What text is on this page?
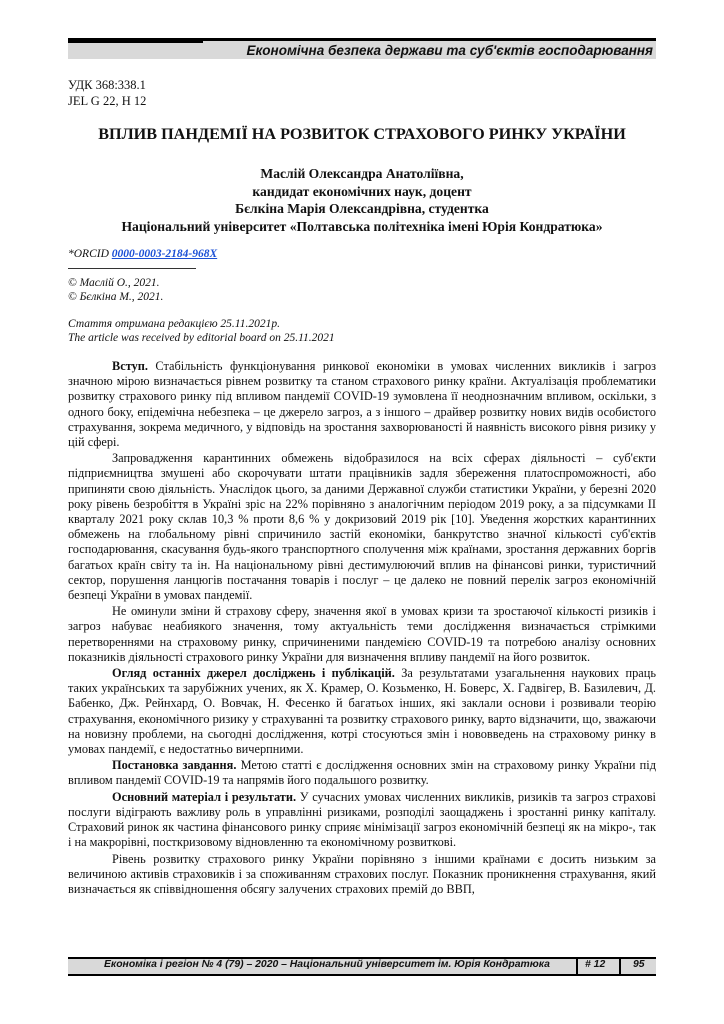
Економічна безпека держави та суб'єктів господарювання
УДК 368:338.1
JEL G 22, H 12
ВПЛИВ ПАНДЕМІЇ НА РОЗВИТОК СТРАХОВОГО РИНКУ УКРАЇНИ
Маслій Олександра Анатоліївна,
кандидат економічних наук, доцент
Бєлкіна Марія Олександрівна, студентка
Національний університет «Полтавська політехніка імені Юрія Кондратюка»
*ORCID 0000-0003-2184-968X
© Маслій О., 2021.
© Бєлкіна М., 2021.
Стаття отримана редакцією 25.11.2021р.
The article was received by editorial board on 25.11.2021

Вступ. Стабільність функціонування ринкової економіки в умовах численних викликів і загроз значною мірою визначається рівнем розвитку та станом страхового ринку країни. Актуалізація проблематики розвитку страхового ринку під впливом пандемії COVID-19 зумовлена її неоднозначним впливом, оскільки, з одного боку, епідемічна небезпека – це джерело загроз, а з іншого – драйвер розвитку нових видів особистого страхування, зокрема медичного, у відповідь на зростання захворюваності й наявність високого рівня ризику у цій сфері.

Запровадження карантинних обмежень відобразилося на всіх сферах діяльності – суб'єкти підприємництва змушені або скорочувати штати працівників задля збереження платоспроможності, або припиняти свою діяльність. Унаслідок цього, за даними Державної служби статистики України, у березні 2020 року рівень безробіття в Україні зріс на 22% порівняно з аналогічним періодом 2019 року, а за підсумками II кварталу 2021 року склав 10,3 % проти 8,6 % у докризовий 2019 рік [10]. Уведення жорстких карантинних обмежень на глобальному рівні спричинило застій економіки, банкрутство значної кількості суб'єктів господарювання, скасування будь-якого транспортного сполучення між країнами, зростання державних боргів багатьох країн світу та ін. На національному рівні дестимулюючий вплив на фінансові ринки, туристичний сектор, порушення ланцюгів постачання товарів і послуг – це далеко не повний перелік загроз економічній безпеці України в умовах пандемії.

Не оминули зміни й страхову сферу, значення якої в умовах кризи та зростаючої кількості ризиків і загроз набуває неабиякого значення, тому актуальність теми дослідження визначається стрімкими перетвореннями на страховому ринку, спричиненими пандемією COVID-19 та потребою аналізу основних показників діяльності страхового ринку України для визначення впливу пандемії на його розвиток.

Огляд останніх джерел досліджень і публікацій. За результатами узагальнення наукових праць таких українських та зарубіжних учених, як Х. Крамер, О. Козьменко, Н. Боверс, Х. Гадвігер, В. Базилевич, Д. Бабенко, Дж. Рейнхард, О. Вовчак, Н. Фесенко й багатьох інших, які заклали основи і розвивали теорію страхування, економічного ризику у страхуванні та розвитку страхового ринку, варто відзначити, що, зважаючи на новизну проблеми, на сьогодні дослідження, котрі стосуються змін і нововведень на страховому ринку в умовах пандемії, є недостатньо вичерпними.

Постановка завдання. Метою статті є дослідження основних змін на страховому ринку України під впливом пандемії COVID-19 та напрямів його подальшого розвитку.

Основний матеріал і результати. У сучасних умовах численних викликів, ризиків та загроз страхові послуги відіграють важливу роль в управлінні ризиками, розподілі заощаджень і зростанні ринку капіталу. Страховий ринок як частина фінансового ринку сприяє мінімізації загроз економічній безпеці як на мікро-, так і на макрорівні, посткризовому відновленню та економічному розвиткові.

Рівень розвитку страхового ринку України порівняно з іншими країнами є досить низьким за величиною активів страховиків і за споживанням страхових послуг. Показник проникнення страхування, який визначається як співвідношення обсягу залучених страхових премій до ВВП,

Економіка і регіон № 4 (79) – 2020 – Національний університет ім. Юрія Кондратюка	# 12	95
